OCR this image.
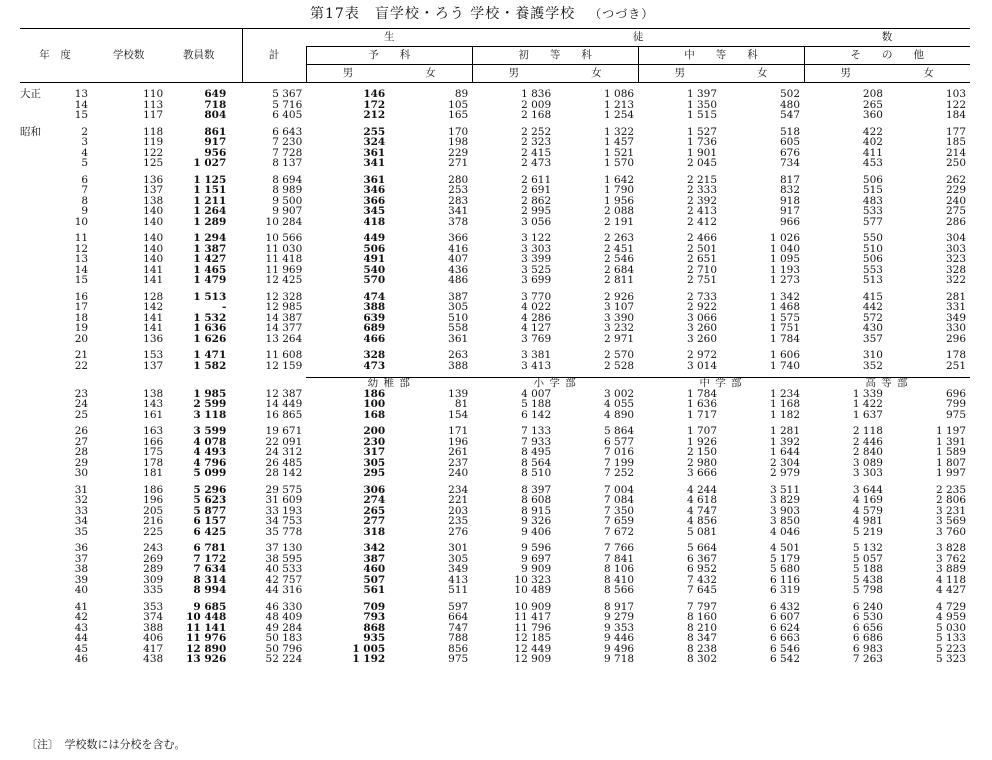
第17表　盲学校・ろう 学校・養護学校 （つづき）
						生		徒				数	
年　度		学校数	教員数		計	予　　科		初　　等　　科		中　　等　　科		そ　　の　　他	
						男	女	男	女	男	女	男	女

大正	13	110	649		5 367	146	89	1 836	1 086	1 397	502	208	103
	14	113	718		5 716	172	105	2 009	1 213	1 350	480	265	122
	15	117	804		6 405	212	165	2 168	1 254	1 515	547	360	184

昭和	2	118	861		6 643	255	170	2 252	1 322	1 527	518	422	177
	3	119	917		7 230	324	198	2 323	1 457	1 736	605	402	185
	4	122	956		7 728	361	229	2 415	1 521	1 901	676	411	214
	5	125	1 027		8 137	341	271	2 473	1 570	2 045	734	453	250

	6	136	1 125		8 694	361	280	2 611	1 642	2 215	817	506	262
	7	137	1 151		8 989	346	253	2 691	1 790	2 333	832	515	229
	8	138	1 211		9 500	366	283	2 862	1 956	2 392	918	483	240
	9	140	1 264		9 907	345	341	2 995	2 088	2 413	917	533	275
	10	140	1 289		10 284	418	378	3 056	2 191	2 412	966	577	286

	11	140	1 294		10 566	449	366	3 122	2 263	2 466	1 026	550	304
	12	140	1 387		11 030	506	416	3 303	2 451	2 501	1 040	510	303
	13	140	1 427		11 418	491	407	3 399	2 546	2 651	1 095	506	323
	14	141	1 465		11 969	540	436	3 525	2 684	2 710	1 193	553	328
	15	141	1 479		12 425	570	486	3 699	2 811	2 751	1 273	513	322

	16	128	1 513		12 328	474	387	3 770	2 926	2 733	1 342	415	281
	17	142	-		12 985	388	305	4 022	3 107	2 922	1 468	442	331
	18	141	1 532		14 387	639	510	4 286	3 390	3 066	1 575	572	349
	19	141	1 636		14 377	689	558	4 127	3 232	3 260	1 751	430	330
	20	136	1 626		13 264	466	361	3 769	2 971	3 260	1 784	357	296

	21	153	1 471		11 608	328	263	3 381	2 570	2 972	1 606	310	178
	22	137	1 582		12 159	473	388	3 413	2 528	3 014	1 740	352	251

						幼 稚 部		小 学 部		中 学 部		高 等 部	
	23	138	1 985		12 387	186	139	4 007	3 002	1 784	1 234	1 339	696
	24	143	2 599		14 449	100	81	5 188	4 055	1 636	1 168	1 422	799
	25	161	3 118		16 865	168	154	6 142	4 890	1 717	1 182	1 637	975

	26	163	3 599		19 671	200	171	7 133	5 864	1 707	1 281	2 118	1 197
	27	166	4 078		22 091	230	196	7 933	6 577	1 926	1 392	2 446	1 391
	28	175	4 493		24 312	317	261	8 495	7 016	2 150	1 644	2 840	1 589
	29	178	4 796		26 485	305	237	8 564	7 199	2 980	2 304	3 089	1 807
	30	181	5 099		28 142	295	240	8 510	7 252	3 666	2 979	3 303	1 997

	31	186	5 296		29 575	306	234	8 397	7 004	4 244	3 511	3 644	2 235
	32	196	5 623		31 609	274	221	8 608	7 084	4 618	3 829	4 169	2 806
	33	205	5 877		33 193	265	203	8 915	7 350	4 747	3 903	4 579	3 231
	34	216	6 157		34 753	277	235	9 326	7 659	4 856	3 850	4 981	3 569
	35	225	6 425		35 778	318	276	9 406	7 672	5 081	4 046	5 219	3 760

	36	243	6 781		37 130	342	301	9 596	7 766	5 664	4 501	5 132	3 828
	37	269	7 172		38 595	387	305	9 697	7 841	6 367	5 179	5 057	3 762
	38	289	7 634		40 533	460	349	9 909	8 106	6 952	5 680	5 188	3 889
	39	309	8 314		42 757	507	413	10 323	8 410	7 432	6 116	5 438	4 118
	40	335	8 994		44 316	561	511	10 489	8 566	7 645	6 319	5 798	4 427

	41	353	9 685		46 330	709	597	10 909	8 917	7 797	6 432	6 240	4 729
	42	374	10 448		48 409	793	664	11 417	9 279	8 160	6 607	6 530	4 959
	43	388	11 141		49 284	868	747	11 796	9 353	8 210	6 624	6 656	5 030
	44	406	11 976		50 183	935	788	12 185	9 446	8 347	6 663	6 686	5 133
	45	417	12 890		50 796	1 005	856	12 449	9 496	8 238	6 546	6 983	5 223
	46	438	13 926		52 224	1 192	975	12 909	9 718	8 302	6 542	7 263	5 323

〔注〕　学校数には分校を含む。
